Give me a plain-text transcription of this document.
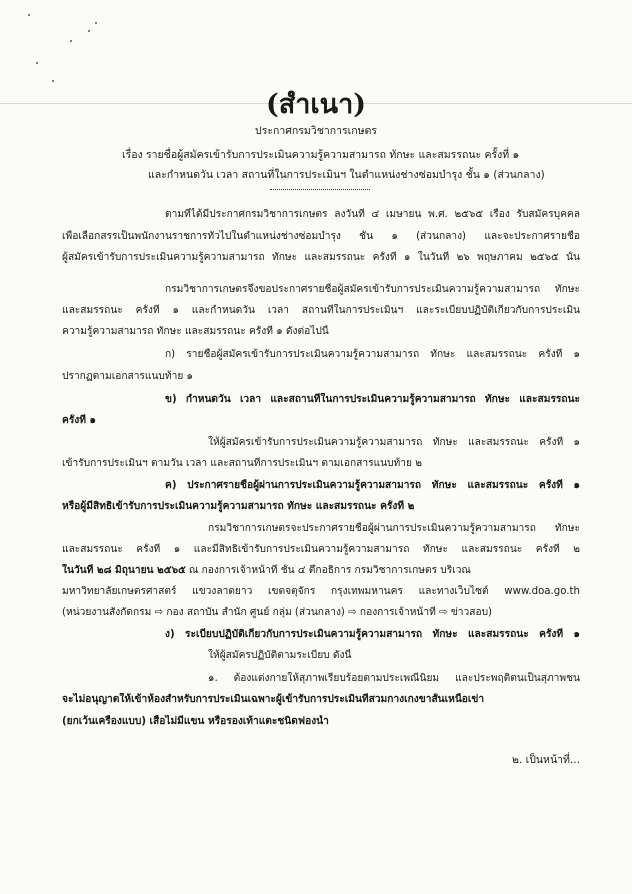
(สำเนา)
ประกาศกรมวิชาการเกษตร
เรื่อง รายชื่อผู้สมัครเข้ารับการประเมินความรู้ความสามารถ ทักษะ และสมรรถนะ ครั้งที่ ๑
และกำหนดวัน เวลา สถานที่ในการประเมินฯ ในตำแหน่งช่างซ่อมบำรุง ชั้น ๑ (ส่วนกลาง)
ตามที่ได้มีประกาศกรมวิชาการเกษตร ลงวันที่ ๔ เมษายน พ.ศ. ๒๕๖๕ เรื่อง รับสมัครบุคคล
เพื่อเลือกสรรเป็นพนักงานราชการทั่วไปในตำแหน่งช่างซ่อมบำรุง ชั้น ๑ (ส่วนกลาง) และจะประกาศรายชื่อ
ผู้สมัครเข้ารับการประเมินความรู้ความสามารถ ทักษะ และสมรรถนะ ครั้งที่ ๑ ในวันที่ ๒๖ พฤษภาคม ๒๕๖๕ นั้น
กรมวิชาการเกษตรจึงขอประกาศรายชื่อผู้สมัครเข้ารับการประเมินความรู้ความสามารถ ทักษะ
และสมรรถนะ ครั้งที่ ๑ และกำหนดวัน เวลา สถานที่ในการประเมินฯ และระเบียบปฏิบัติเกี่ยวกับการประเมิน
ความรู้ความสามารถ ทักษะ และสมรรถนะ ครั้งที่ ๑ ดังต่อไปนี้
ก) รายชื่อผู้สมัครเข้ารับการประเมินความรู้ความสามารถ ทักษะ และสมรรถนะ ครั้งที่ ๑
ปรากฏตามเอกสารแนบท้าย ๑
ข) กำหนดวัน เวลา และสถานที่ในการประเมินความรู้ความสามารถ ทักษะ และสมรรถนะ
ครั้งที่ ๑
ให้ผู้สมัครเข้ารับการประเมินความรู้ความสามารถ ทักษะ และสมรรถนะ ครั้งที่ ๑
เข้ารับการประเมินฯ ตามวัน เวลา และสถานที่การประเมินฯ ตามเอกสารแนบท้าย ๒
ค) ประกาศรายชื่อผู้ผ่านการประเมินความรู้ความสามารถ ทักษะ และสมรรถนะ ครั้งที่ ๑
หรือผู้มีสิทธิเข้ารับการประเมินความรู้ความสามารถ ทักษะ และสมรรถนะ ครั้งที่ ๒
กรมวิชาการเกษตรจะประกาศรายชื่อผู้ผ่านการประเมินความรู้ความสามารถ ทักษะ
และสมรรถนะ ครั้งที่ ๑ และมีสิทธิเข้ารับการประเมินความรู้ความสามารถ ทักษะ และสมรรถนะ ครั้งที่ ๒
ในวันที่ ๒๘ มิถุนายน ๒๕๖๕ ณ กองการเจ้าหน้าที่ ชั้น ๔ ตึกอธิการ กรมวิชาการเกษตร บริเวณ
มหาวิทยาลัยเกษตรศาสตร์ แขวงลาดยาว เขตจตุจักร กรุงเทพมหานคร และทางเว็บไซต์ www.doa.go.th
(หน่วยงานสังกัดกรม ⇨ กอง สถาบัน สำนัก ศูนย์ กลุ่ม (ส่วนกลาง) ⇨ กองการเจ้าหน้าที่ ⇨ ข่าวสอบ)
ง) ระเบียบปฏิบัติเกี่ยวกับการประเมินความรู้ความสามารถ ทักษะ และสมรรถนะ ครั้งที่ ๑
ให้ผู้สมัครปฏิบัติตามระเบียบ ดังนี้
๑. ต้องแต่งกายให้สุภาพเรียบร้อยตามประเพณีนิยม และประพฤติตนเป็นสุภาพชน
จะไม่อนุญาตให้เข้าห้องสำหรับการประเมินเฉพาะผู้เข้ารับการประเมินที่สวมกางเกงขาสั้นเหนือเข่า
(ยกเว้นเครื่องแบบ) เสื้อไม่มีแขน หรือรองเท้าแตะชนิดฟองน้ำ
๒. เป็นหน้าที่...
